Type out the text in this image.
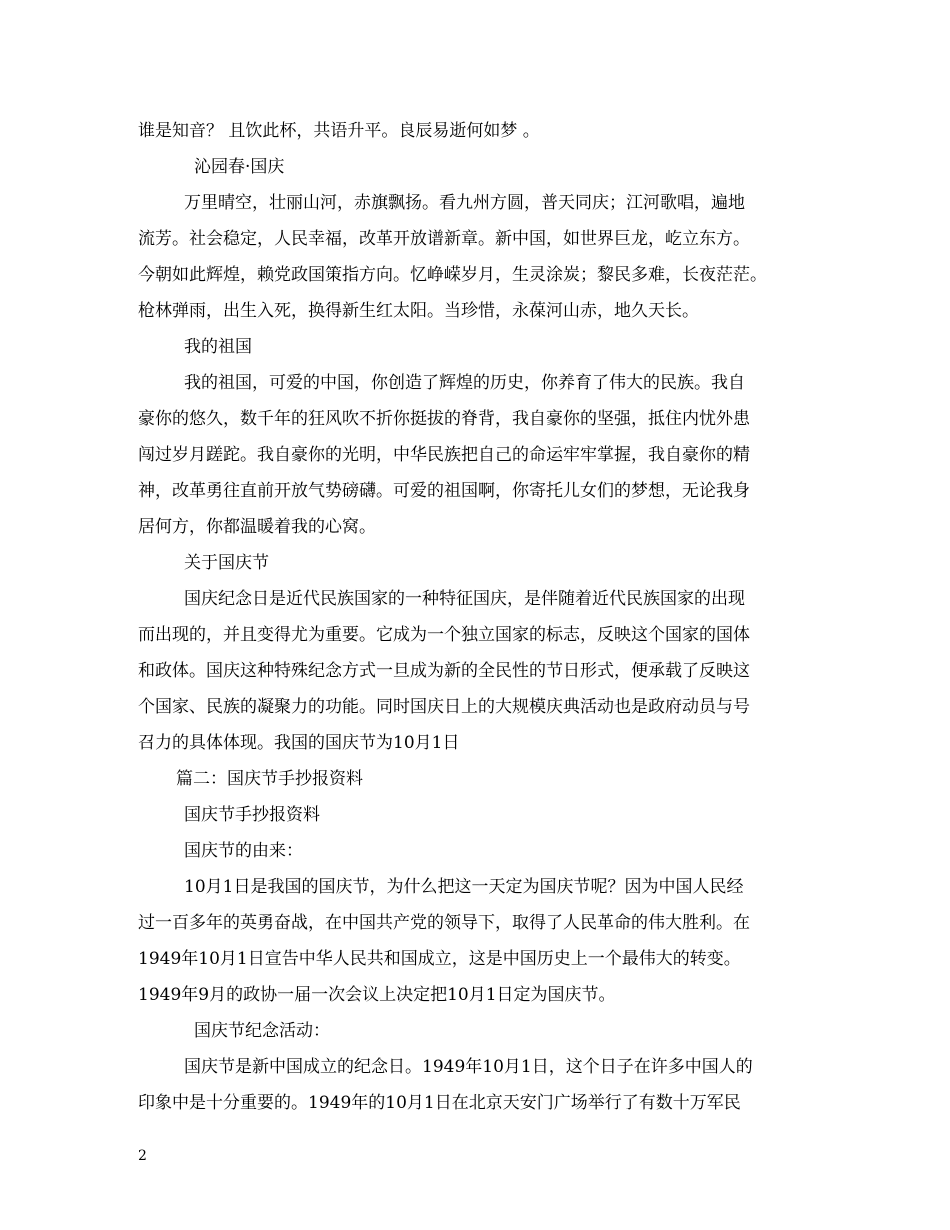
谁是知音？ 且饮此杯，共语升平。良辰易逝何如梦 。
沁园春·国庆
万里晴空，壮丽山河，赤旗飘扬。看九州方圆，普天同庆；江河歌唱，遍地
流芳。社会稳定，人民幸福，改革开放谱新章。新中国，如世界巨龙，屹立东方。
今朝如此辉煌，赖党政国策指方向。忆峥嵘岁月，生灵涂炭；黎民多难，长夜茫茫。
枪林弹雨，出生入死，换得新生红太阳。当珍惜，永葆河山赤，地久天长。
我的祖国
我的祖国，可爱的中国，你创造了辉煌的历史，你养育了伟大的民族。我自
豪你的悠久，数千年的狂风吹不折你挺拔的脊背，我自豪你的坚强，抵住内忧外患
闯过岁月蹉跎。我自豪你的光明，中华民族把自己的命运牢牢掌握，我自豪你的精
神，改革勇往直前开放气势磅礴。可爱的祖国啊，你寄托儿女们的梦想，无论我身
居何方，你都温暖着我的心窝。
关于国庆节
国庆纪念日是近代民族国家的一种特征国庆，是伴随着近代民族国家的出现
而出现的，并且变得尤为重要。它成为一个独立国家的标志，反映这个国家的国体
和政体。国庆这种特殊纪念方式一旦成为新的全民性的节日形式，便承载了反映这
个国家、民族的凝聚力的功能。同时国庆日上的大规模庆典活动也是政府动员与号
召力的具体体现。我国的国庆节为10月1日
篇二：国庆节手抄报资料
国庆节手抄报资料
国庆节的由来：
10月1日是我国的国庆节，为什么把这一天定为国庆节呢？因为中国人民经
过一百多年的英勇奋战，在中国共产党的领导下，取得了人民革命的伟大胜利。在
1949年10月1日宣告中华人民共和国成立，这是中国历史上一个最伟大的转变。
1949年9月的政协一届一次会议上决定把10月1日定为国庆节。
国庆节纪念活动：
国庆节是新中国成立的纪念日。1949年10月1日，这个日子在许多中国人的
印象中是十分重要的。1949年的10月1日在北京天安门广场举行了有数十万军民
2
